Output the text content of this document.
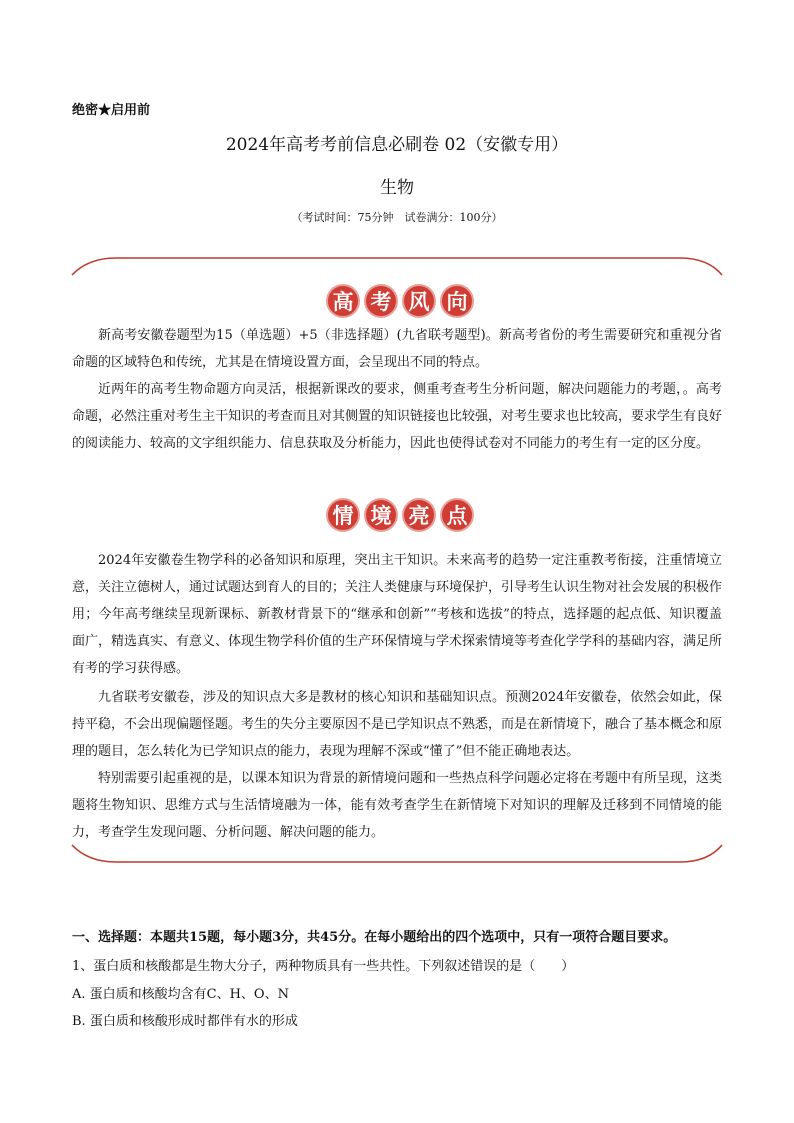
绝密★启用前
2024年高考考前信息必刷卷 02（安徽专用）
生物
（考试时间：75分钟　试卷满分：100分）
高 考 风 向

新高考安徽卷题型为15（单选题）+5（非选择题）(九省联考题型)。新高考省份的考生需要研究和重视分省命题的区域特色和传统，尤其是在情境设置方面，会呈现出不同的特点。

近两年的高考生物命题方向灵活，根据新课改的要求，侧重考查考生分析问题，解决问题能力的考题，。高考命题，必然注重对考生主干知识的考查而且对其侧置的知识链接也比较强，对考生要求也比较高，要求学生有良好的阅读能力、较高的文字组织能力、信息获取及分析能力，因此也使得试卷对不同能力的考生有一定的区分度。

情 境 亮 点

2024年安徽卷生物学科的必备知识和原理，突出主干知识。未来高考的趋势一定注重教考衔接，注重情境立意，关注立德树人，通过试题达到育人的目的；关注人类健康与环境保护，引导考生认识生物对社会发展的积极作用；今年高考继续呈现新课标、新教材背景下的“继承和创新”“考核和选拔”的特点，选择题的起点低、知识覆盖面广，精选真实、有意义、体现生物学科价值的生产环保情境与学术探索情境等考查化学学科的基础内容，满足所有考的学习获得感。

九省联考安徽卷，涉及的知识点大多是教材的核心知识和基础知识点。预测2024年安徽卷，依然会如此，保持平稳，不会出现偏题怪题。考生的失分主要原因不是已学知识点不熟悉，而是在新情境下，融合了基本概念和原理的题目，怎么转化为已学知识点的能力，表现为理解不深或“懂了”但不能正确地表达。

特别需要引起重视的是，以课本知识为背景的新情境问题和一些热点科学问题必定将在考题中有所呈现，这类题将生物知识、思维方式与生活情境融为一体，能有效考查学生在新情境下对知识的理解及迁移到不同情境的能力，考查学生发现问题、分析问题、解决问题的能力。

一、选择题：本题共15题，每小题3分，共45分。在每小题给出的四个选项中，只有一项符合题目要求。
1、蛋白质和核酸都是生物大分子，两种物质具有一些共性。下列叙述错误的是（　　）
A. 蛋白质和核酸均含有C、H、O、N
B. 蛋白质和核酸形成时都伴有水的形成
